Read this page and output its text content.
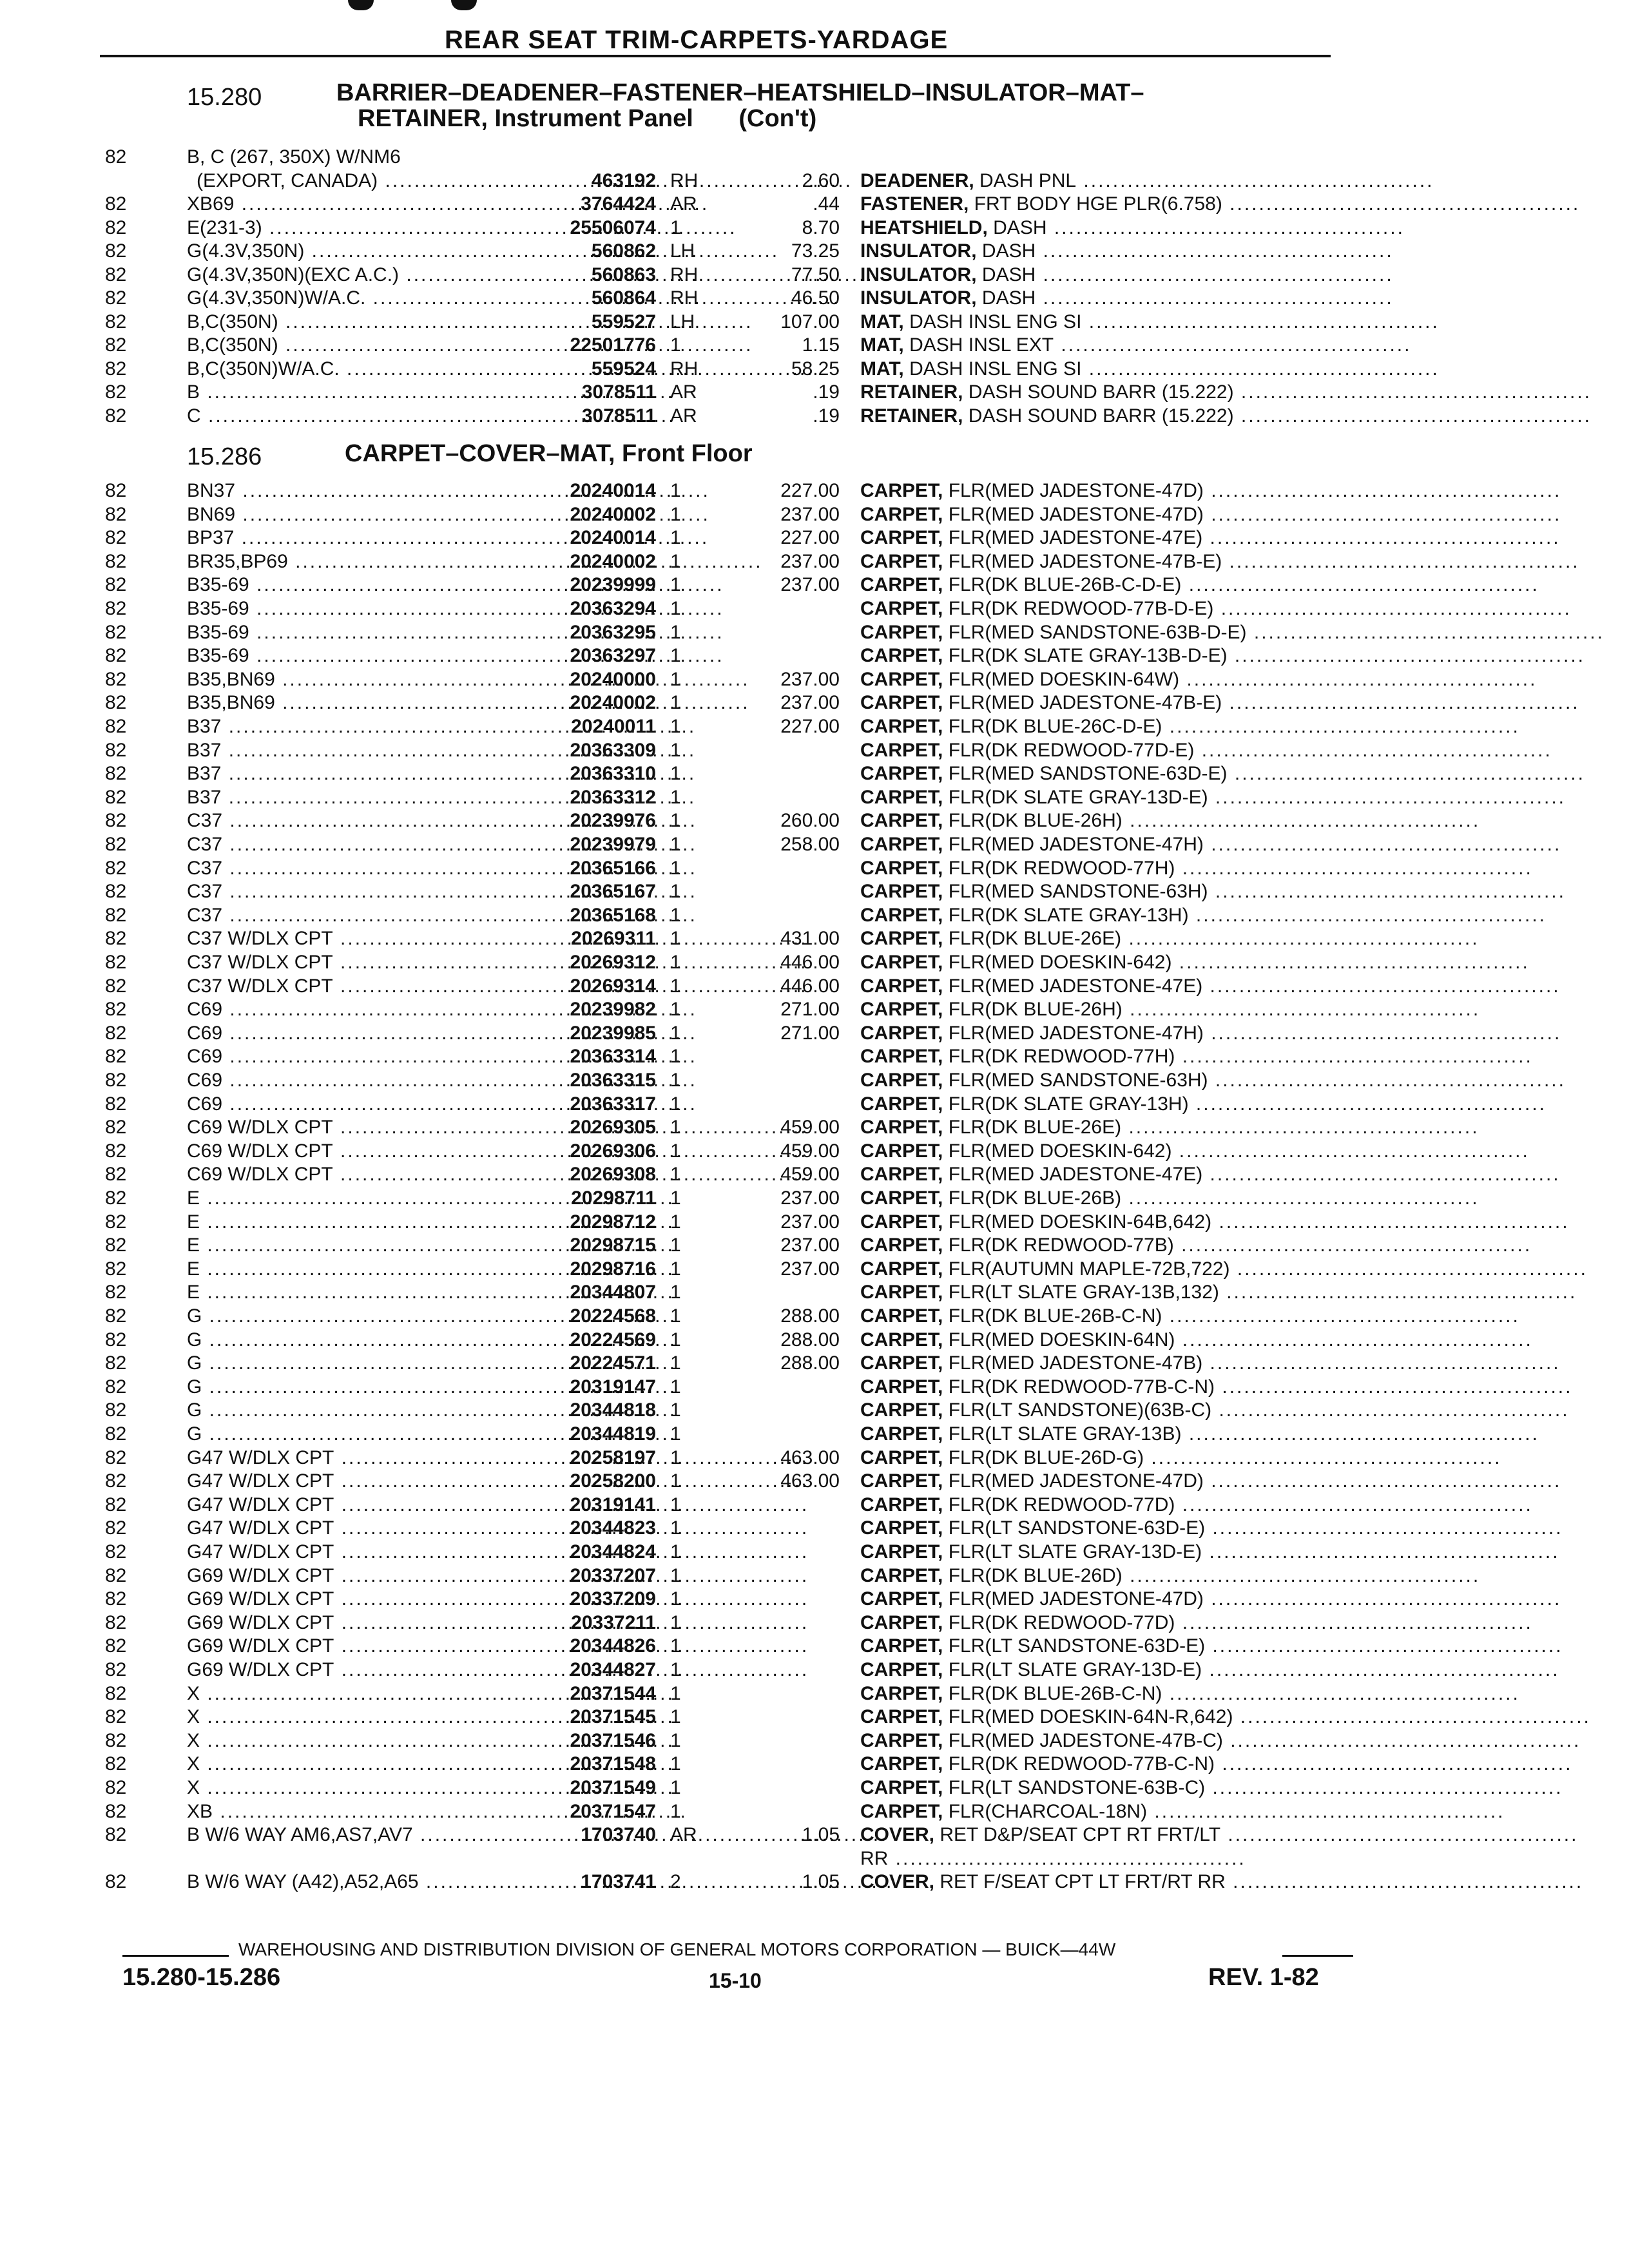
REAR SEAT TRIM-CARPETS-YARDAGE
15.280	BARRIER–DEADENER–FASTENER–HEATSHIELD–INSULATOR–MAT–
RETAINER, Instrument Panel (Con't)
82	B, C (267, 350X) W/NM6
(EXPORT, CANADA) .....	463192 RH	2.60 DEADENER, DASH PNL ................................................
82	XB69 .....	3764424 AR	.44 FASTENER, FRT BODY HGE PLR(6.758) ................................................
82	E(231-3) .....	25506074 1	8.70 HEATSHIELD, DASH ................................................
82	G(4.3V,350N) .....	560862 LH	73.25 INSULATOR, DASH ................................................
82	G(4.3V,350N)(EXC A.C.) .....	560863 RH	77.50 INSULATOR, DASH ................................................
82	G(4.3V,350N)W/A.C. .....	560864 RH	46.50 INSULATOR, DASH ................................................
82	B,C(350N) .....	559527 LH	107.00 MAT, DASH INSL ENG SI ................................................
82	B,C(350N) .....	22501776 1	1.15 MAT, DASH INSL EXT ................................................
82	B,C(350N)W/A.C. .....	559524 RH	58.25 MAT, DASH INSL ENG SI ................................................
82	B .....	3078511 AR	.19 RETAINER, DASH SOUND BARR (15.222) ................................................
82	C .....	3078511 AR	.19 RETAINER, DASH SOUND BARR (15.222) ................................................
15.286	CARPET–COVER–MAT, Front Floor
82	BN37 .....	20240014 1	227.00 CARPET, FLR(MED JADESTONE-47D) ................................................
82	BN69 .....	20240002 1	237.00 CARPET, FLR(MED JADESTONE-47D) ................................................
82	BP37 .....	20240014 1	227.00 CARPET, FLR(MED JADESTONE-47E) ................................................
82	BR35,BP69 .....	20240002 1	237.00 CARPET, FLR(MED JADESTONE-47B-E) ................................................
82	B35-69 .....	20239999 1	237.00 CARPET, FLR(DK BLUE-26B-C-D-E) ................................................
82	B35-69 .....	20363294 1	CARPET, FLR(DK REDWOOD-77B-D-E) ................................................
82	B35-69 .....	20363295 1	CARPET, FLR(MED SANDSTONE-63B-D-E) ................................................
82	B35-69 .....	20363297 1	CARPET, FLR(DK SLATE GRAY-13B-D-E) ................................................
82	B35,BN69 .....	20240000 1	237.00 CARPET, FLR(MED DOESKIN-64W) ................................................
82	B35,BN69 .....	20240002 1	237.00 CARPET, FLR(MED JADESTONE-47B-E) ................................................
82	B37 .....	20240011 1	227.00 CARPET, FLR(DK BLUE-26C-D-E) ................................................
82	B37 .....	20363309 1	CARPET, FLR(DK REDWOOD-77D-E) ................................................
82	B37 .....	20363310 1	CARPET, FLR(MED SANDSTONE-63D-E) ................................................
82	B37 .....	20363312 1	CARPET, FLR(DK SLATE GRAY-13D-E) ................................................
82	C37 .....	20239976 1	260.00 CARPET, FLR(DK BLUE-26H) ................................................
82	C37 .....	20239979 1	258.00 CARPET, FLR(MED JADESTONE-47H) ................................................
82	C37 .....	20365166 1	CARPET, FLR(DK REDWOOD-77H) ................................................
82	C37 .....	20365167 1	CARPET, FLR(MED SANDSTONE-63H) ................................................
82	C37 .....	20365168 1	CARPET, FLR(DK SLATE GRAY-13H) ................................................
82	C37 W/DLX CPT .....	20269311 1	431.00 CARPET, FLR(DK BLUE-26E) ................................................
82	C37 W/DLX CPT .....	20269312 1	446.00 CARPET, FLR(MED DOESKIN-642) ................................................
82	C37 W/DLX CPT .....	20269314 1	446.00 CARPET, FLR(MED JADESTONE-47E) ................................................
82	C69 .....	20239982 1	271.00 CARPET, FLR(DK BLUE-26H) ................................................
82	C69 .....	20239985 1	271.00 CARPET, FLR(MED JADESTONE-47H) ................................................
82	C69 .....	20363314 1	CARPET, FLR(DK REDWOOD-77H) ................................................
82	C69 .....	20363315 1	CARPET, FLR(MED SANDSTONE-63H) ................................................
82	C69 .....	20363317 1	CARPET, FLR(DK SLATE GRAY-13H) ................................................
82	C69 W/DLX CPT .....	20269305 1	459.00 CARPET, FLR(DK BLUE-26E) ................................................
82	C69 W/DLX CPT .....	20269306 1	459.00 CARPET, FLR(MED DOESKIN-642) ................................................
82	C69 W/DLX CPT .....	20269308 1	459.00 CARPET, FLR(MED JADESTONE-47E) ................................................
82	E .....	20298711 1	237.00 CARPET, FLR(DK BLUE-26B) ................................................
82	E .....	20298712 1	237.00 CARPET, FLR(MED DOESKIN-64B,642) ................................................
82	E .....	20298715 1	237.00 CARPET, FLR(DK REDWOOD-77B) ................................................
82	E .....	20298716 1	237.00 CARPET, FLR(AUTUMN MAPLE-72B,722) ................................................
82	E .....	20344807 1	CARPET, FLR(LT SLATE GRAY-13B,132) ................................................
82	G .....	20224568 1	288.00 CARPET, FLR(DK BLUE-26B-C-N) ................................................
82	G .....	20224569 1	288.00 CARPET, FLR(MED DOESKIN-64N) ................................................
82	G .....	20224571 1	288.00 CARPET, FLR(MED JADESTONE-47B) ................................................
82	G .....	20319147 1	CARPET, FLR(DK REDWOOD-77B-C-N) ................................................
82	G .....	20344818 1	CARPET, FLR(LT SANDSTONE)(63B-C) ................................................
82	G .....	20344819 1	CARPET, FLR(LT SLATE GRAY-13B) ................................................
82	G47 W/DLX CPT .....	20258197 1	463.00 CARPET, FLR(DK BLUE-26D-G) ................................................
82	G47 W/DLX CPT .....	20258200 1	463.00 CARPET, FLR(MED JADESTONE-47D) ................................................
82	G47 W/DLX CPT .....	20319141 1	CARPET, FLR(DK REDWOOD-77D) ................................................
82	G47 W/DLX CPT .....	20344823 1	CARPET, FLR(LT SANDSTONE-63D-E) ................................................
82	G47 W/DLX CPT .....	20344824 1	CARPET, FLR(LT SLATE GRAY-13D-E) ................................................
82	G69 W/DLX CPT .....	20337207 1	CARPET, FLR(DK BLUE-26D) ................................................
82	G69 W/DLX CPT .....	20337209 1	CARPET, FLR(MED JADESTONE-47D) ................................................
82	G69 W/DLX CPT .....	20337211 1	CARPET, FLR(DK REDWOOD-77D) ................................................
82	G69 W/DLX CPT .....	20344826 1	CARPET, FLR(LT SANDSTONE-63D-E) ................................................
82	G69 W/DLX CPT .....	20344827 1	CARPET, FLR(LT SLATE GRAY-13D-E) ................................................
82	X .....	20371544 1	CARPET, FLR(DK BLUE-26B-C-N) ................................................
82	X .....	20371545 1	CARPET, FLR(MED DOESKIN-64N-R,642) ................................................
82	X .....	20371546 1	CARPET, FLR(MED JADESTONE-47B-C) ................................................
82	X .....	20371548 1	CARPET, FLR(DK REDWOOD-77B-C-N) ................................................
82	X .....	20371549 1	CARPET, FLR(LT SANDSTONE-63B-C) ................................................
82	XB .....	20371547 1	CARPET, FLR(CHARCOAL-18N) ................................................
82	B W/6 WAY AM6,AS7,AV7 .....	1703740 AR	1.05 COVER, RET D&P/SEAT CPT RT FRT/LT ................................................
RR ................................................
82	B W/6 WAY (A42),A52,A65 .....	1703741 2	1.05 COVER, RET F/SEAT CPT LT FRT/RT RR ................................................
WAREHOUSING AND DISTRIBUTION DIVISION OF GENERAL MOTORS CORPORATION — BUICK—44W
15.280-15.286	15-10	REV. 1-82
